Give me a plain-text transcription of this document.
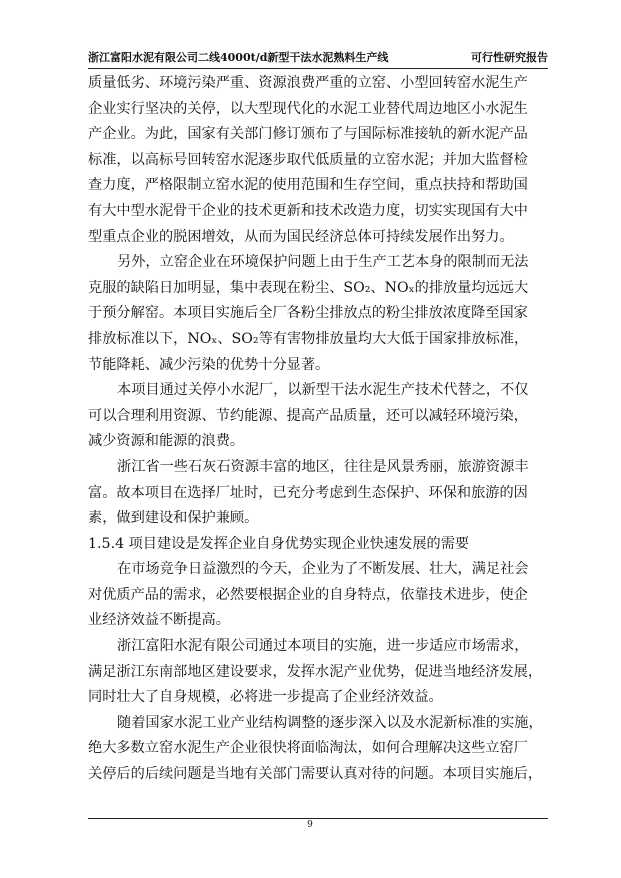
浙江富阳水泥有限公司二线4000t/d新型干法水泥熟料生产线	可行性研究报告
质量低劣、环境污染严重、资源浪费严重的立窑、小型回转窑水泥生产
企业实行坚决的关停，以大型现代化的水泥工业替代周边地区小水泥生
产企业。为此，国家有关部门修订颁布了与国际标准接轨的新水泥产品
标准，以高标号回转窑水泥逐步取代低质量的立窑水泥；并加大监督检
查力度，严格限制立窑水泥的使用范围和生存空间，重点扶持和帮助国
有大中型水泥骨干企业的技术更新和技术改造力度，切实实现国有大中
型重点企业的脱困增效，从而为国民经济总体可持续发展作出努力。
另外，立窑企业在环境保护问题上由于生产工艺本身的限制而无法
克服的缺陷日加明显，集中表现在粉尘、SO₂、NOₓ的排放量均远远大
于预分解窑。本项目实施后全厂各粉尘排放点的粉尘排放浓度降至国家
排放标准以下，NOₓ、SO₂等有害物排放量均大大低于国家排放标准，
节能降耗、减少污染的优势十分显著。
本项目通过关停小水泥厂，以新型干法水泥生产技术代替之，不仅
可以合理利用资源、节约能源、提高产品质量，还可以减轻环境污染，
减少资源和能源的浪费。
浙江省一些石灰石资源丰富的地区，往往是风景秀丽，旅游资源丰
富。故本项目在选择厂址时，已充分考虑到生态保护、环保和旅游的因
素，做到建设和保护兼顾。
1.5.4 项目建设是发挥企业自身优势实现企业快速发展的需要
在市场竞争日益激烈的今天，企业为了不断发展、壮大，满足社会
对优质产品的需求，必然要根据企业的自身特点，依靠技术进步，使企
业经济效益不断提高。
浙江富阳水泥有限公司通过本项目的实施，进一步适应市场需求，
满足浙江东南部地区建设要求，发挥水泥产业优势，促进当地经济发展，
同时壮大了自身规模，必将进一步提高了企业经济效益。
随着国家水泥工业产业结构调整的逐步深入以及水泥新标准的实施，
绝大多数立窑水泥生产企业很快将面临淘汰，如何合理解决这些立窑厂
关停后的后续问题是当地有关部门需要认真对待的问题。本项目实施后，
9
